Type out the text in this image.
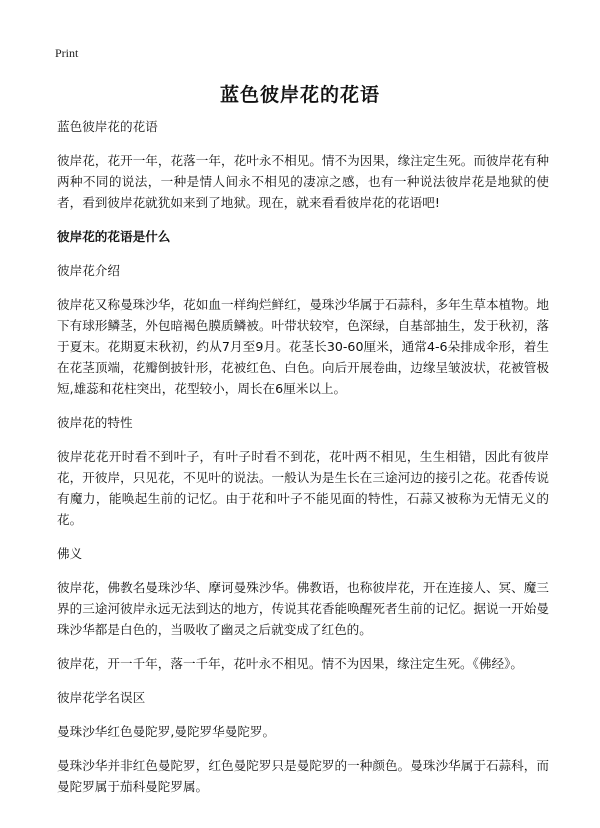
Print
蓝色彼岸花的花语
蓝色彼岸花的花语
彼岸花，花开一年，花落一年，花叶永不相见。情不为因果，缘注定生死。而彼岸花有种两种不同的说法，一种是情人间永不相见的凄凉之感，也有一种说法彼岸花是地狱的使者，看到彼岸花就犹如来到了地狱。现在，就来看看彼岸花的花语吧!
彼岸花的花语是什么
彼岸花介绍
彼岸花又称曼珠沙华，花如血一样绚烂鲜红，曼珠沙华属于石蒜科，多年生草本植物。地下有球形鳞茎，外包暗褐色膜质鳞被。叶带状较窄，色深绿，自基部抽生，发于秋初，落于夏末。花期夏末秋初，约从7月至9月。花茎长30-60厘米，通常4-6朵排成伞形，着生在花茎顶端，花瓣倒披针形，花被红色、白色。向后开展卷曲，边缘呈皱波状，花被管极短,雄蕊和花柱突出，花型较小，周长在6厘米以上。
彼岸花的特性
彼岸花花开时看不到叶子，有叶子时看不到花，花叶两不相见，生生相错，因此有彼岸花，开彼岸，只见花，不见叶的说法。一般认为是生长在三途河边的接引之花。花香传说有魔力，能唤起生前的记忆。由于花和叶子不能见面的特性，石蒜又被称为无情无义的花。
佛义
彼岸花，佛教名曼珠沙华、摩诃曼殊沙华。佛教语，也称彼岸花，开在连接人、冥、魔三界的三途河彼岸永远无法到达的地方，传说其花香能唤醒死者生前的记忆。据说一开始曼珠沙华都是白色的，当吸收了幽灵之后就变成了红色的。
彼岸花，开一千年，落一千年，花叶永不相见。情不为因果，缘注定生死。《佛经》。
彼岸花学名误区
曼珠沙华红色曼陀罗,曼陀罗华曼陀罗。
曼珠沙华并非红色曼陀罗，红色曼陀罗只是曼陀罗的一种颜色。曼珠沙华属于石蒜科，而曼陀罗属于茄科曼陀罗属。
